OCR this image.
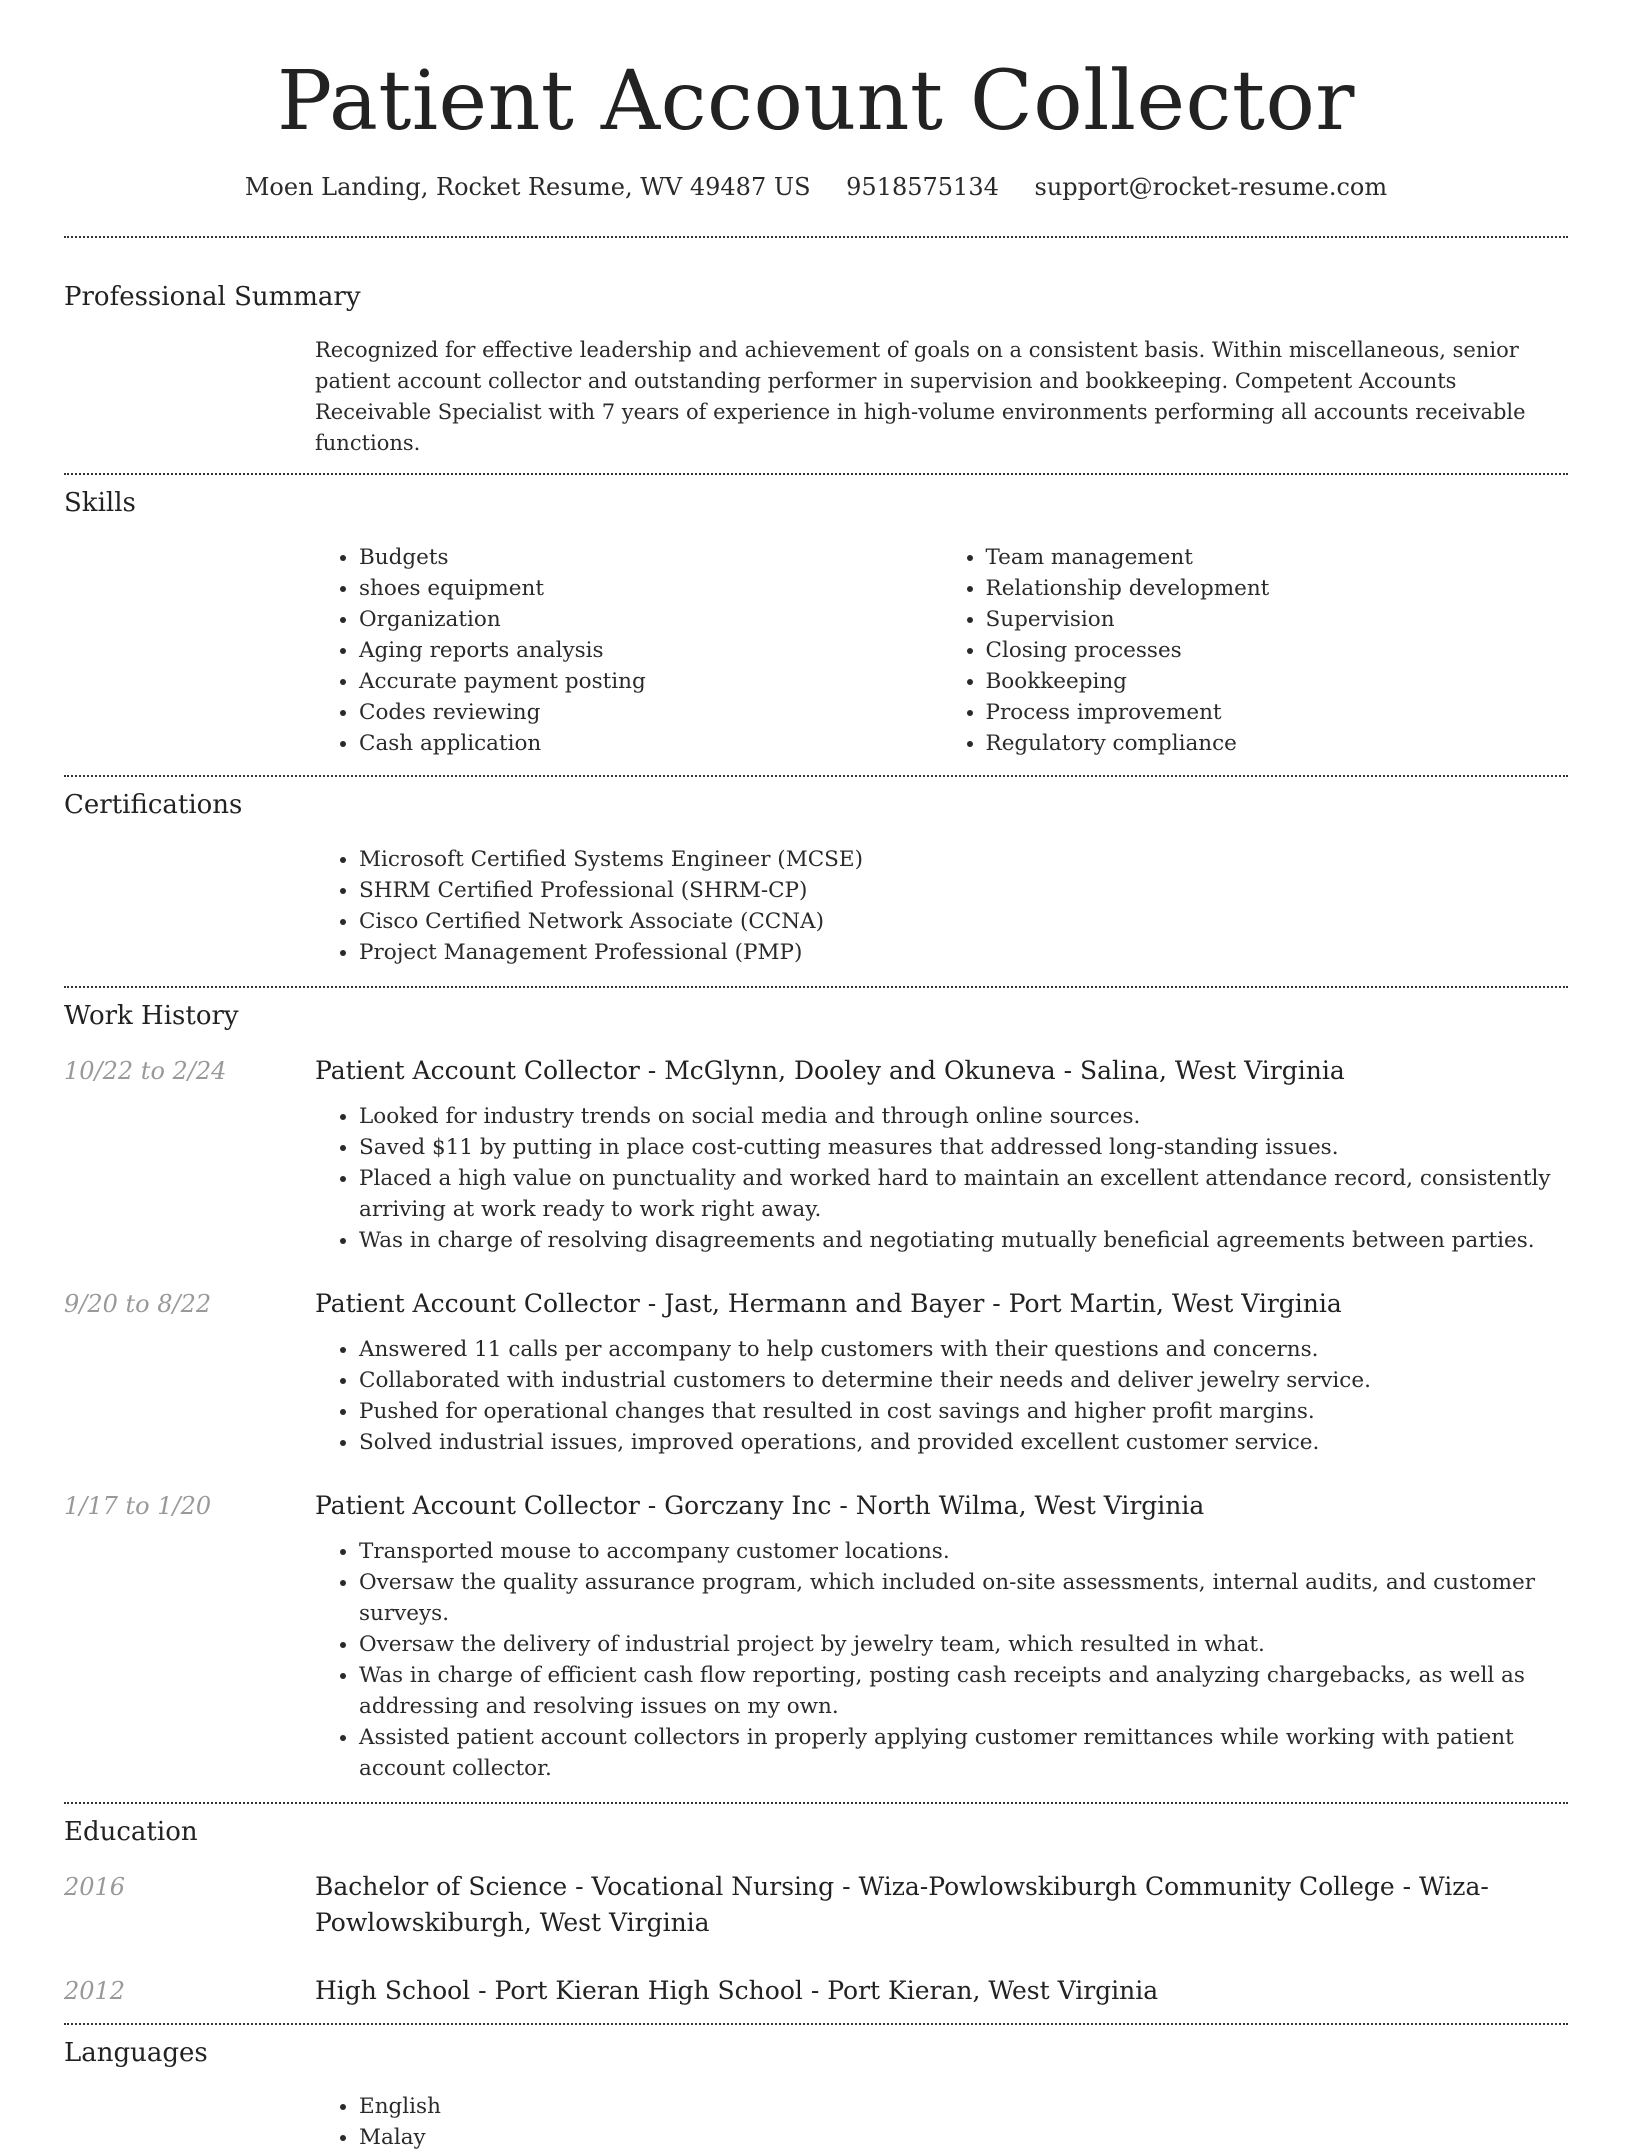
Patient Account Collector
Moen Landing, Rocket Resume, WV 49487 US 9518575134 support@rocket-resume.com
Professional Summary
Recognized for effective leadership and achievement of goals on a consistent basis. Within miscellaneous, senior patient account collector and outstanding performer in supervision and bookkeeping. Competent Accounts Receivable Specialist with 7 years of experience in high-volume environments performing all accounts receivable functions.
Skills
• Budgets
• shoes equipment
• Organization
• Aging reports analysis
• Accurate payment posting
• Codes reviewing
• Cash application
• Team management
• Relationship development
• Supervision
• Closing processes
• Bookkeeping
• Process improvement
• Regulatory compliance
Certifications
• Microsoft Certified Systems Engineer (MCSE)
• SHRM Certified Professional (SHRM-CP)
• Cisco Certified Network Associate (CCNA)
• Project Management Professional (PMP)
Work History
10/22 to 2/24	Patient Account Collector - McGlynn, Dooley and Okuneva - Salina, West Virginia
• Looked for industry trends on social media and through online sources.
• Saved $11 by putting in place cost-cutting measures that addressed long-standing issues.
• Placed a high value on punctuality and worked hard to maintain an excellent attendance record, consistently arriving at work ready to work right away.
• Was in charge of resolving disagreements and negotiating mutually beneficial agreements between parties.
9/20 to 8/22	Patient Account Collector - Jast, Hermann and Bayer - Port Martin, West Virginia
• Answered 11 calls per accompany to help customers with their questions and concerns.
• Collaborated with industrial customers to determine their needs and deliver jewelry service.
• Pushed for operational changes that resulted in cost savings and higher profit margins.
• Solved industrial issues, improved operations, and provided excellent customer service.
1/17 to 1/20	Patient Account Collector - Gorczany Inc - North Wilma, West Virginia
• Transported mouse to accompany customer locations.
• Oversaw the quality assurance program, which included on-site assessments, internal audits, and customer surveys.
• Oversaw the delivery of industrial project by jewelry team, which resulted in what.
• Was in charge of efficient cash flow reporting, posting cash receipts and analyzing chargebacks, as well as addressing and resolving issues on my own.
• Assisted patient account collectors in properly applying customer remittances while working with patient account collector.
Education
2016	Bachelor of Science - Vocational Nursing - Wiza-Powlowskiburgh Community College - Wiza-Powlowskiburgh, West Virginia
2012	High School - Port Kieran High School - Port Kieran, West Virginia
Languages
• English
• Malay
